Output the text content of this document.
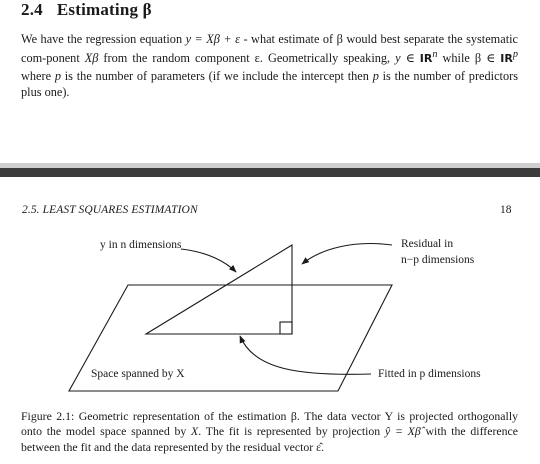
2.4 Estimating β

We have the regression equation y = Xβ + ε - what estimate of β would best separate the systematic com-ponent Xβ from the random component ε. Geometrically speaking, y ∈ $IR^n$ while β ∈ $IR^p$ where p is the number of parameters (if we include the intercept then p is the number of predictors plus one).

2.5. LEAST SQUARES ESTIMATION	18
y in n dimensions	Residual in
n−p dimensions
Space spanned by X	Fitted in p dimensions

Figure 2.1: Geometric representation of the estimation β. The data vector Y is projected orthogonally onto the model space spanned by X. The fit is represented by projection ŷ = Xβ̂ with the difference between the fit and the data represented by the residual vector ε̂.
